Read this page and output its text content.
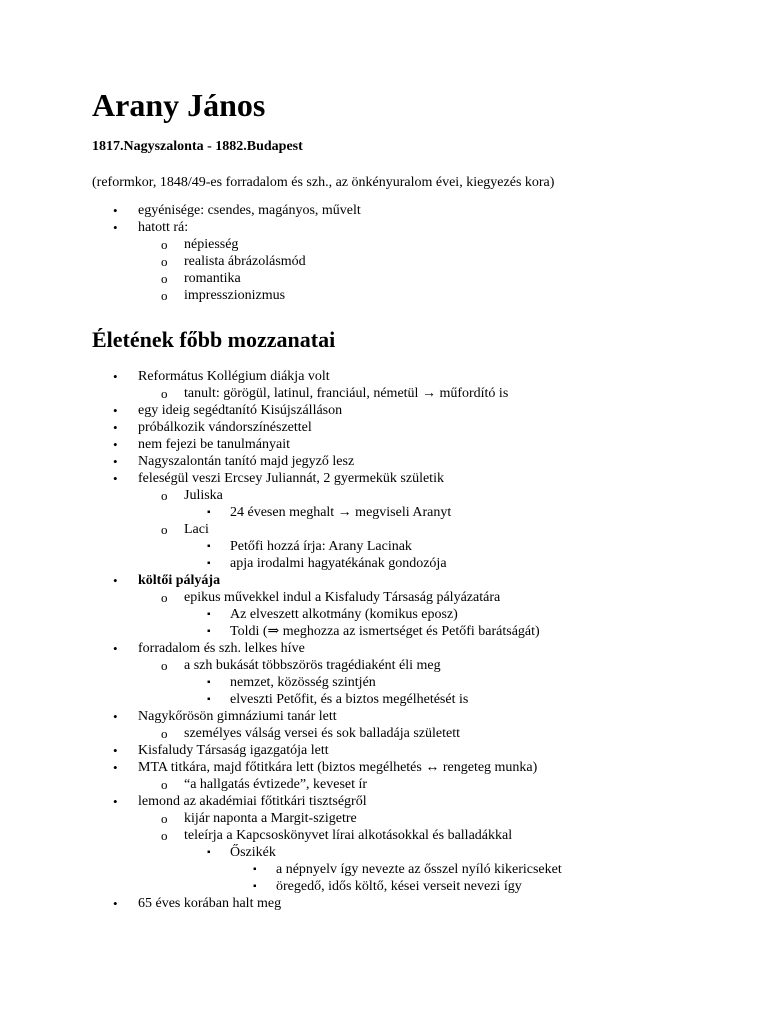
Arany János

1817.Nagyszalonta - 1882.Budapest

(reformkor, 1848/49-es forradalom és szh., az önkényuralom évei, kiegyezés kora)

• egyénisége: csendes, magányos, művelt
• hatott rá:
o népiesség
o realista ábrázolásmód
o romantika
o impresszionizmus
Életének főbb mozzanatai
• Református Kollégium diákja volt
o tanult: görögül, latinul, franciául, németül → műfordító is
• egy ideig segédtanító Kisújszálláson
• próbálkozik vándorszínészettel
• nem fejezi be tanulmányait
• Nagyszalontán tanító majd jegyző lesz
• feleségül veszi Ercsey Juliannát, 2 gyermekük születik
o Juliska
▪ 24 évesen meghalt → megviseli Aranyt
o Laci
▪ Petőfi hozzá írja: Arany Lacinak
▪ apja irodalmi hagyatékának gondozója
• költői pályája
o epikus művekkel indul a Kisfaludy Társaság pályázatára
▪ Az elveszett alkotmány (komikus eposz)
▪ Toldi (⇒ meghozza az ismertséget és Petőfi barátságát)
• forradalom és szh. lelkes híve
o a szh bukását többszörös tragédiaként éli meg
▪ nemzet, közösség szintjén
▪ elveszti Petőfit, és a biztos megélhetését is
• Nagykőrösön gimnáziumi tanár lett
o személyes válság versei és sok balladája született
• Kisfaludy Társaság igazgatója lett
• MTA titkára, majd főtitkára lett (biztos megélhetés ↔ rengeteg munka)
o “a hallgatás évtizede”, keveset ír
• lemond az akadémiai főtitkári tisztségről
o kijár naponta a Margit-szigetre
o teleírja a Kapcsoskönyvet lírai alkotásokkal és balladákkal
▪ Őszikék
▪ a népnyelv így nevezte az ősszel nyíló kikericseket
▪ öregedő, idős költő, kései verseit nevezi így
• 65 éves korában halt meg
